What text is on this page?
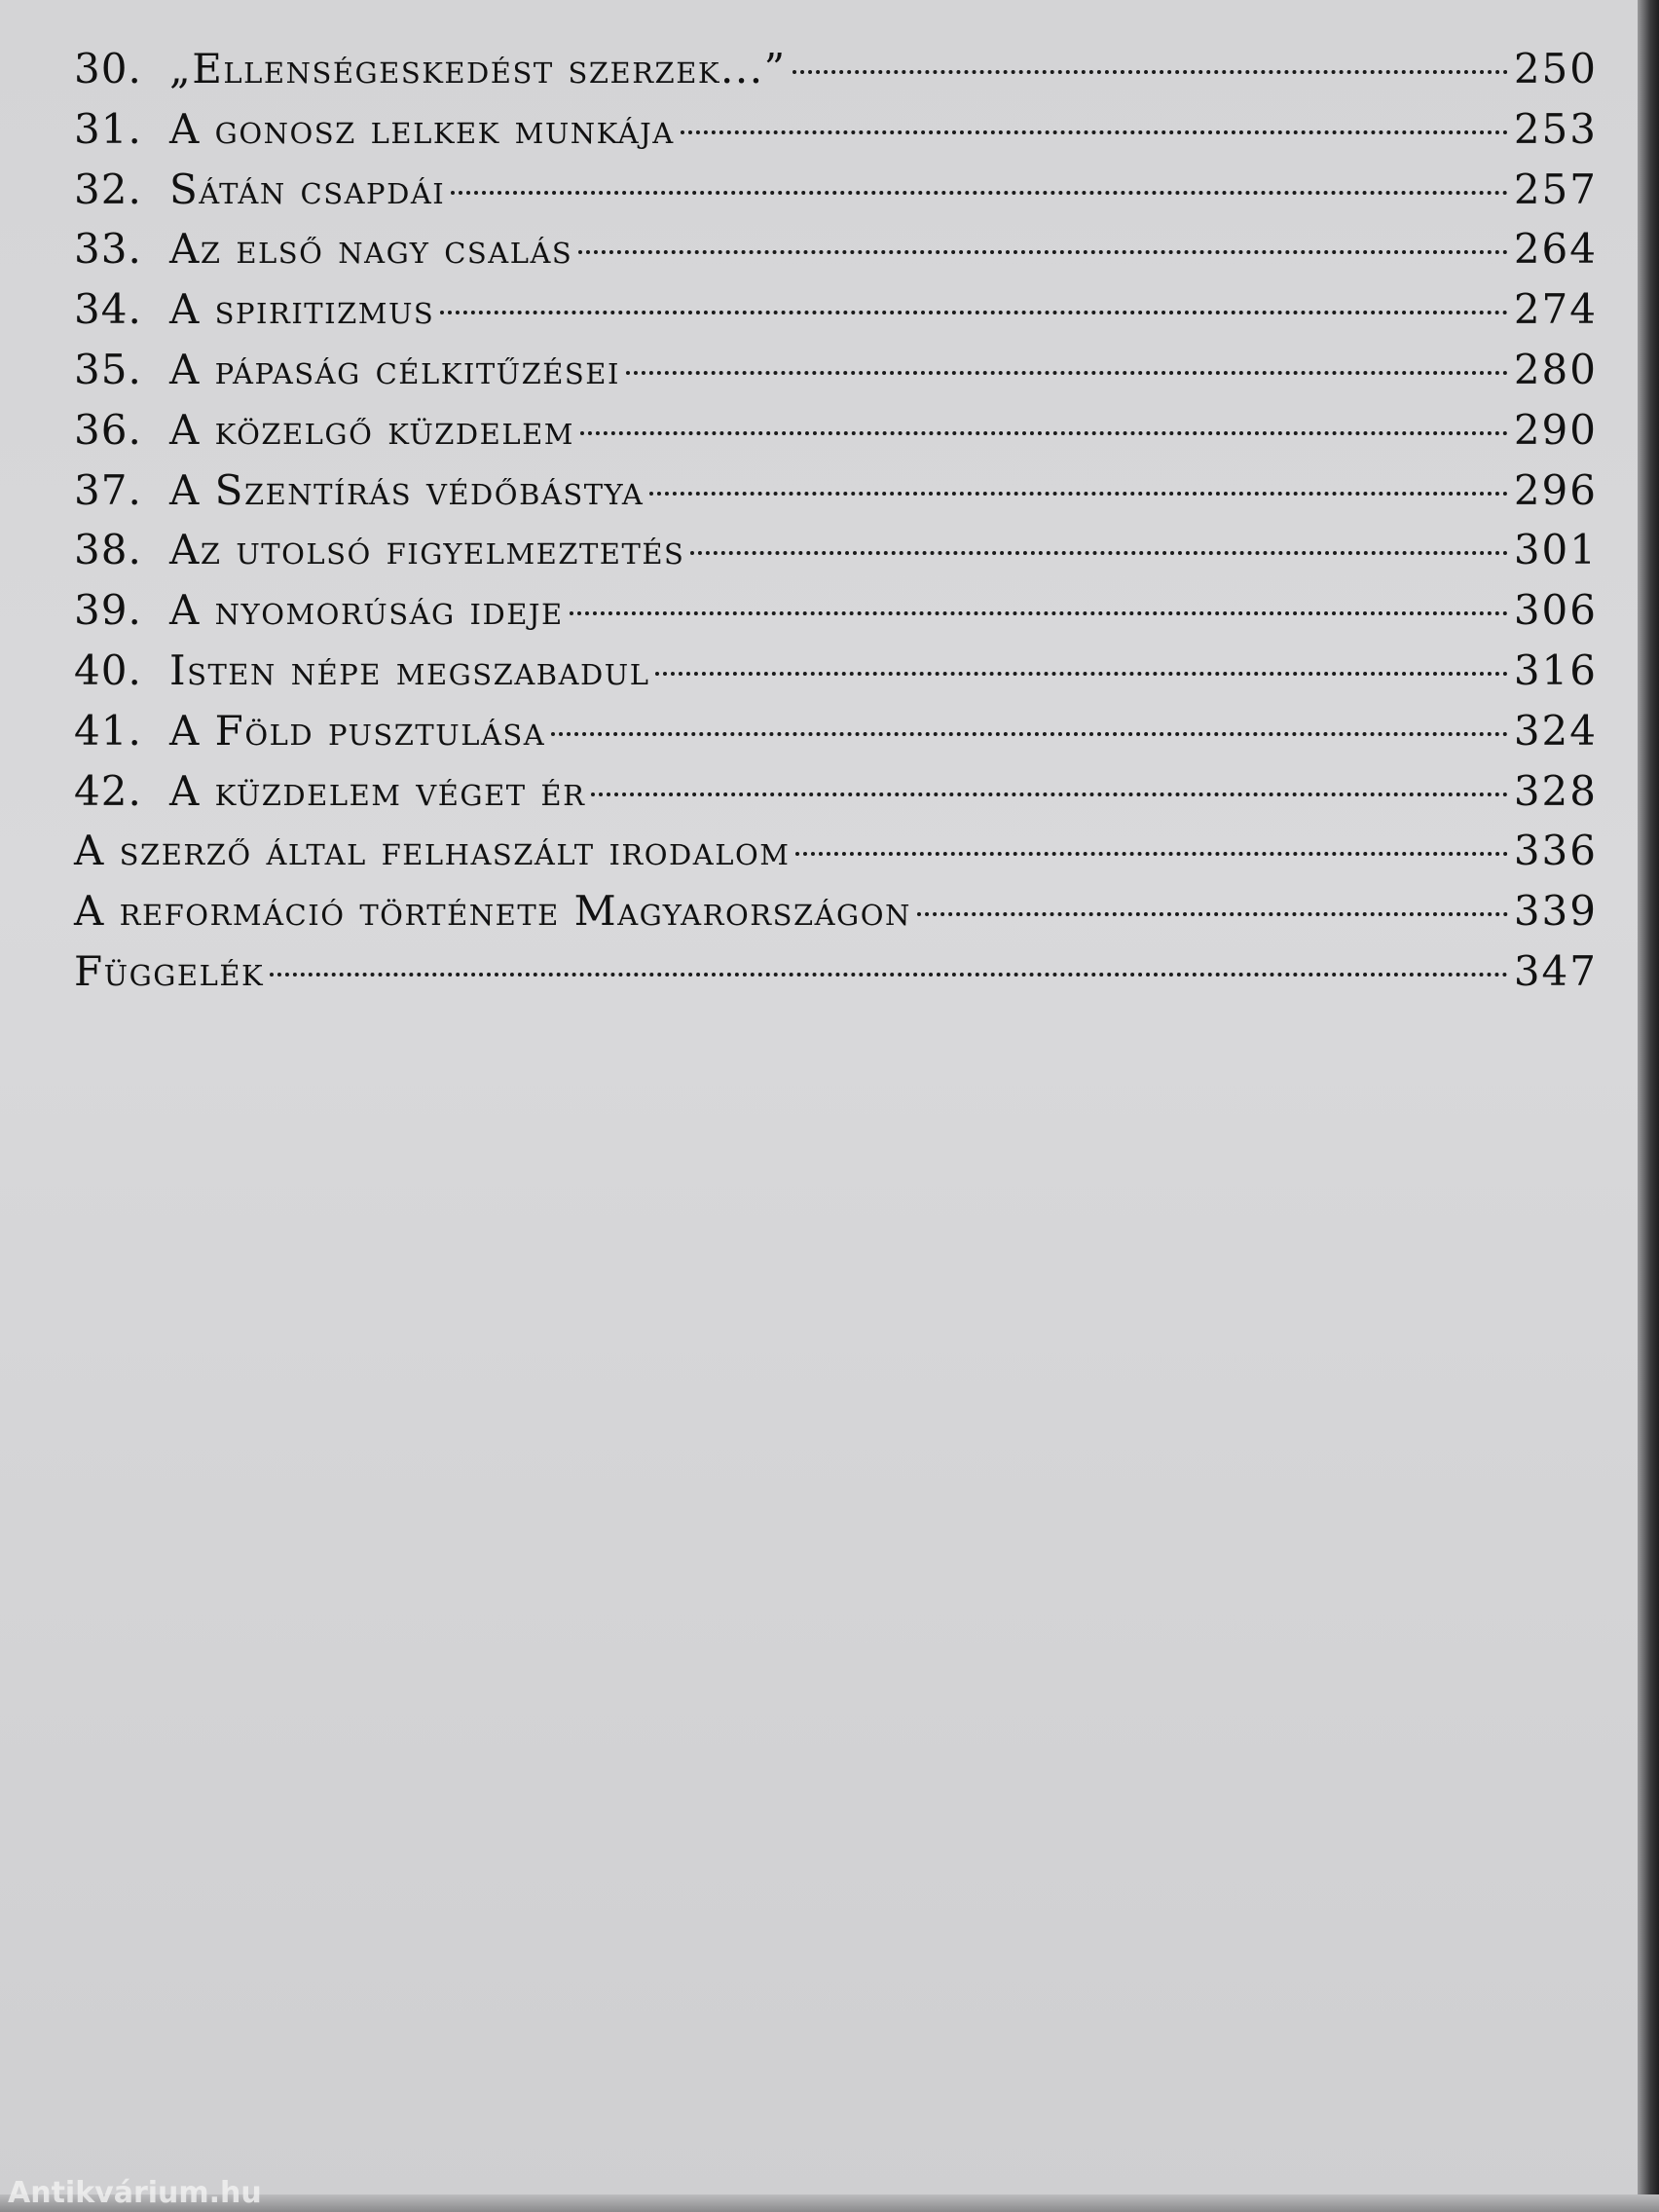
30. „Ellenségeskedést szerzek...”	250
31. A gonosz lelkek munkája	253
32. Sátán csapdái	257
33. Az első nagy csalás	264
34. A spiritizmus	274
35. A pápaság célkitűzései	280
36. A közelgő küzdelem	290
37. A Szentírás védőbástya	296
38. Az utolsó figyelmeztetés	301
39. A nyomorúság ideje	306
40. Isten népe megszabadul	316
41. A Föld pusztulása	324
42. A küzdelem véget ér	328
A szerző által felhaszált irodalom	336
A reformáció története Magyarországon	339
Függelék	347
Antikvárium.hu
